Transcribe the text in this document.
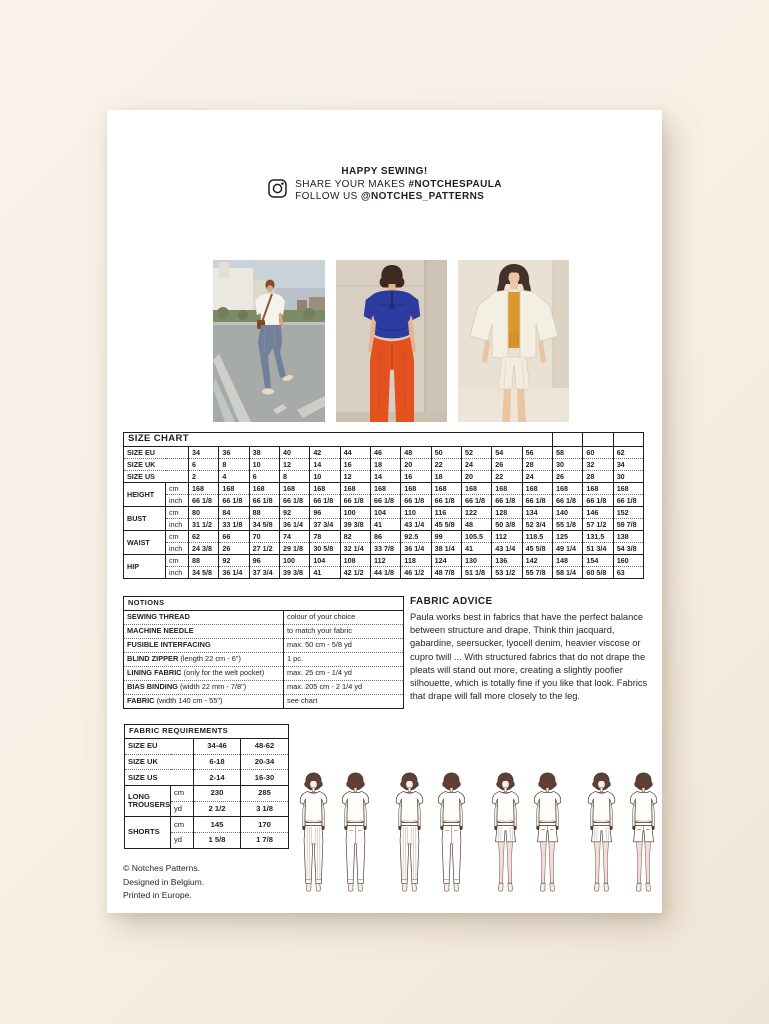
HAPPY SEWING!
SHARE YOUR MAKES #NOTCHESPAULA
FOLLOW US @NOTCHES_PATTERNS
SIZE CHART																
SIZE EU		34	36	38	40	42	44	46	48	50	52	54	56	58	60	62
SIZE UK		6	8	10	12	14	16	18	20	22	24	26	28	30	32	34
SIZE US		2	4	6	8	10	12	14	16	18	20	22	24	26	28	30
HEIGHT	cm	168	168	168	168	168	168	168	168	168	168	168	168	168	168	168
	inch	66 1/8	66 1/8	66 1/8	66 1/8	66 1/8	66 1/8	66 1/8	66 1/8	66 1/8	66 1/8	66 1/8	66 1/8	66 1/8	66 1/8	66 1/8
BUST	cm	80	84	88	92	96	100	104	110	116	122	128	134	140	146	152
	inch	31 1/2	33 1/8	34 5/8	36 1/4	37 3/4	39 3/8	41	43 1/4	45 5/8	48	50 3/8	52 3/4	55 1/8	57 1/2	59 7/8
WAIST	cm	62	66	70	74	78	82	86	92.5	99	105.5	112	118.5	125	131.5	138
	inch	24 3/8	26	27 1/2	29 1/8	30 5/8	32 1/4	33 7/8	36 1/4	38 1/4	41	43 1/4	45 5/8	49 1/4	51 3/4	54 3/8
HIP	cm	88	92	96	100	104	108	112	118	124	130	136	142	148	154	160
	inch	34 5/8	36 1/4	37 3/4	39 3/8	41	42 1/2	44 1/8	46 1/2	48 7/8	51 1/8	53 1/2	55 7/8	58 1/4	60 5/8	63
NOTIONS	
SEWING THREAD	colour of your choice
MACHINE NEEDLE	to match your fabric
FUSIBLE INTERFACING	max. 50 cm - 5/8 yd
BLIND ZIPPER (length 22 cm - 6")	1 pc.
LINING FABRIC (only for the welt pocket)	max. 25 cm - 1/4 yd
BIAS BINDING (width 22 mm - 7/8")	max. 205 cm - 2 1/4 yd
FABRIC (width 140 cm - 55")	see chart
FABRIC ADVICE
Paula works best in fabrics that have the perfect balance between structure and drape. Think thin jacquard, gabardine, seersucker, lyocell denim, heavier viscose or cupro twill ... With structured fabrics that do not drape the pleats will stand out more, creating a slightly poofier silhouette, which is totally fine if you like that look. Fabrics that drape will fall more closely to the leg.
FABRIC REQUIREMENTS			
SIZE EU		34-46	48-62
SIZE UK		6-18	20-34
SIZE US		2-14	16-30
LONG TROUSERS	cm	230	285
	yd	2 1/2	3 1/8
SHORTS	cm	145	170
	yd	1 5/8	1 7/8
© Notches Patterns.
Designed in Belgium.
Printed in Europe.
